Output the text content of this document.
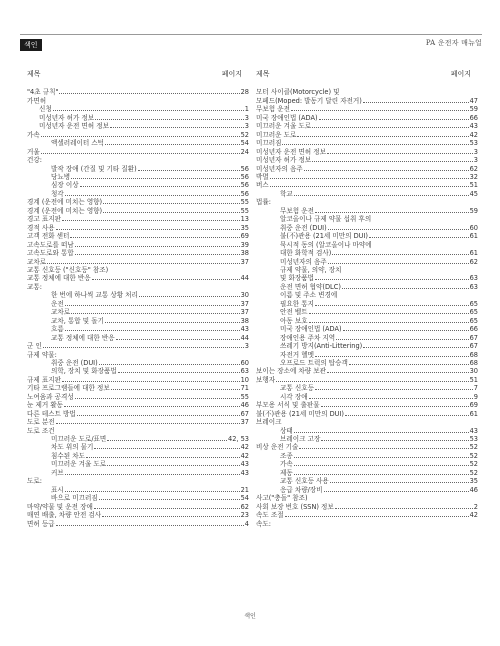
색인	PA 운전자 매뉴얼
제목	페이지
"4초 규칙"	28
가면허
신청	1
미성년자 허가 정보	3
미성년자 운전 면허 정보	3
가속	52
액셀러레이터 스턱	54
거울	24
건강:
발작 장애 (간질 및 기타 질환)	56
당뇨병	56
심장 이상	56
청각	56
경계 (운전에 미치는 영향)	55
경계 (운전에 미치는 영향)	55
경고 표지판	13
경적 사용	35
고객 전화 센터	69
고속도로를 떠남	39
고속도로와 통합	38
교차로	37
교통 신호등 ("신호등" 참조)
교통 정체에 대한 반응	44
교통:
한 번에 하나씩 교통 상황 처리	30
운전	37
교차로	37
교차, 통합 및 돌기	38
흐름	43
교통 정체에 대한 반응	44
군 인	3
규제 약물:
취중 운전 (DUI)	60
의학, 장치 및 화장품법	63
규제 표지판	10
기타 프로그램들에 대한 정보	71
노여움과 공격성	55
눈 제거 활동	46
다른 테스트 방법	67
도로 분전	37
도로 조건
미끄러운 도로/표면	42, 53
차도 위의 물기	42
침수된 차도	42
미끄러운 겨울 도로	43
커브	43
도로:
표시	21
바으로 미끄러짐	54
마약/약물 및 운전 장애	62
매연 배출, 차량 안전 검사	23
면허 등급	4
제목	페이지
모터 사이클(Motorcycle) 및
모페드(Moped: 발동기 달린 자전거)	47
무보험 운전	59
미국 장애인법 (ADA)	66
미끄러운 겨울 도로	43
미끄러운 도로	42
미끄러짐	53
미성년자 운전 면허 정보	3
미성년자 허가 정보	3
미성년자의 음주	62
박멸	32
버스	51
학교	45
법률:
무보험 운전	59
알코올이나 규제 약물 섭취 후의
취중 운전 (DUI)	60
불(不)관용 (21세 미만의 DUI)	61
묵시적 동의 (알코올이나 마약에
대한 화학적 검사)	61
미성년자의 음주	62
규제 약물, 의약, 장치
및 화장품법	63
운전 면허 협약(DLC)	63
이름 및 주소 변경에
필요한 통지	65
안전 벨트	65
아동 보호	65
미국 장애인법 (ADA)	66
장애인용 주차 지역	67
쓰레기 방지(Anti-Littering)	67
자전거 헬멧	68
오프로드 트럭의 탑승객	68
보이는 장소에 차량 보관	30
보행자	51
교통 신호등	7
시각 장애	9
부모용 서식 및 출판물	69
불(不)관용 (21세 미만의 DUI)	61
브레이크
상태	43
브레이크 고장	53
비상 운전 기술	52
조종	52
가속	52
제동	52
교통 신호등 사용	35
응급 차량/장비	46
사고("충돌" 참조)
사회 보장 번호 (SSN) 정보	2
속도 조절	42
속도:
색인
